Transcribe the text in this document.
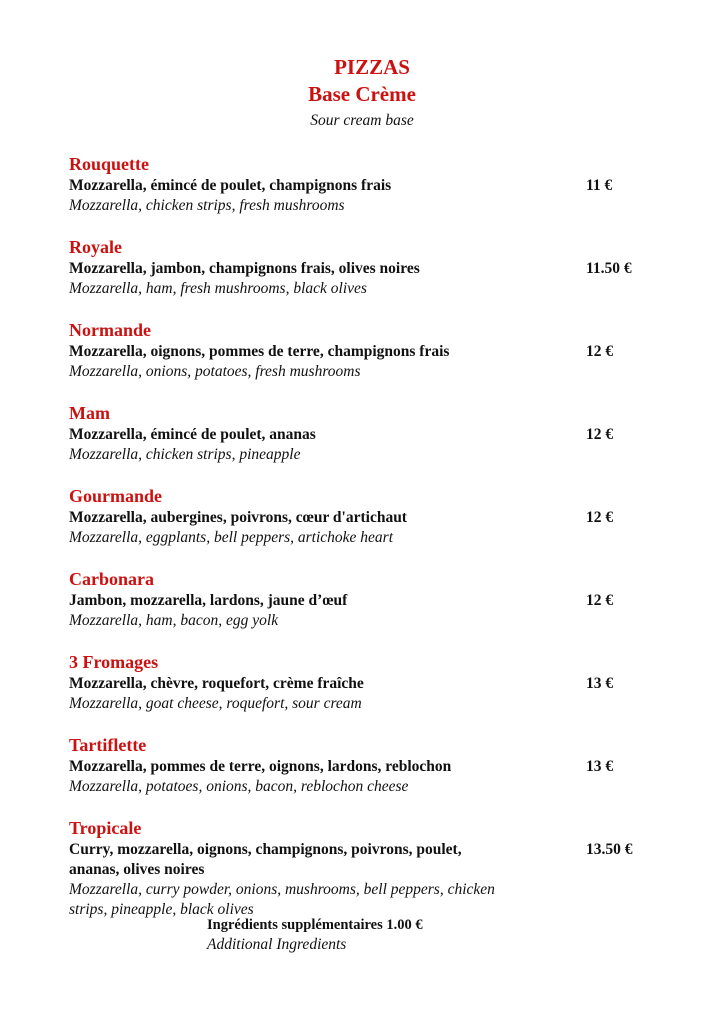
PIZZAS
Base Crème
Sour cream base
Rouquette
Mozzarella, émincé de poulet, champignons frais	11 €
Mozzarella, chicken strips, fresh mushrooms
Royale
Mozzarella, jambon, champignons frais, olives noires	11.50 €
Mozzarella, ham, fresh mushrooms, black olives
Normande
Mozzarella, oignons, pommes de terre, champignons frais	12 €
Mozzarella, onions, potatoes, fresh mushrooms
Mam
Mozzarella, émincé de poulet, ananas	12 €
Mozzarella, chicken strips, pineapple
Gourmande
Mozzarella, aubergines, poivrons, cœur d'artichaut	12 €
Mozzarella, eggplants, bell peppers, artichoke heart
Carbonara
Jambon, mozzarella, lardons, jaune d’œuf	12 €
Mozzarella, ham, bacon, egg yolk
3 Fromages
Mozzarella, chèvre, roquefort, crème fraîche	13 €
Mozzarella, goat cheese, roquefort, sour cream
Tartiflette
Mozzarella, pommes de terre, oignons, lardons, reblochon	13 €
Mozzarella, potatoes, onions, bacon, reblochon cheese
Tropicale
Curry, mozzarella, oignons, champignons, poivrons, poulet, ananas, olives noires
13.50 €
Mozzarella, curry powder, onions, mushrooms, bell peppers, chicken strips, pineapple, black olives
Ingrédients supplémentaires 1.00 €
Additional Ingredients
